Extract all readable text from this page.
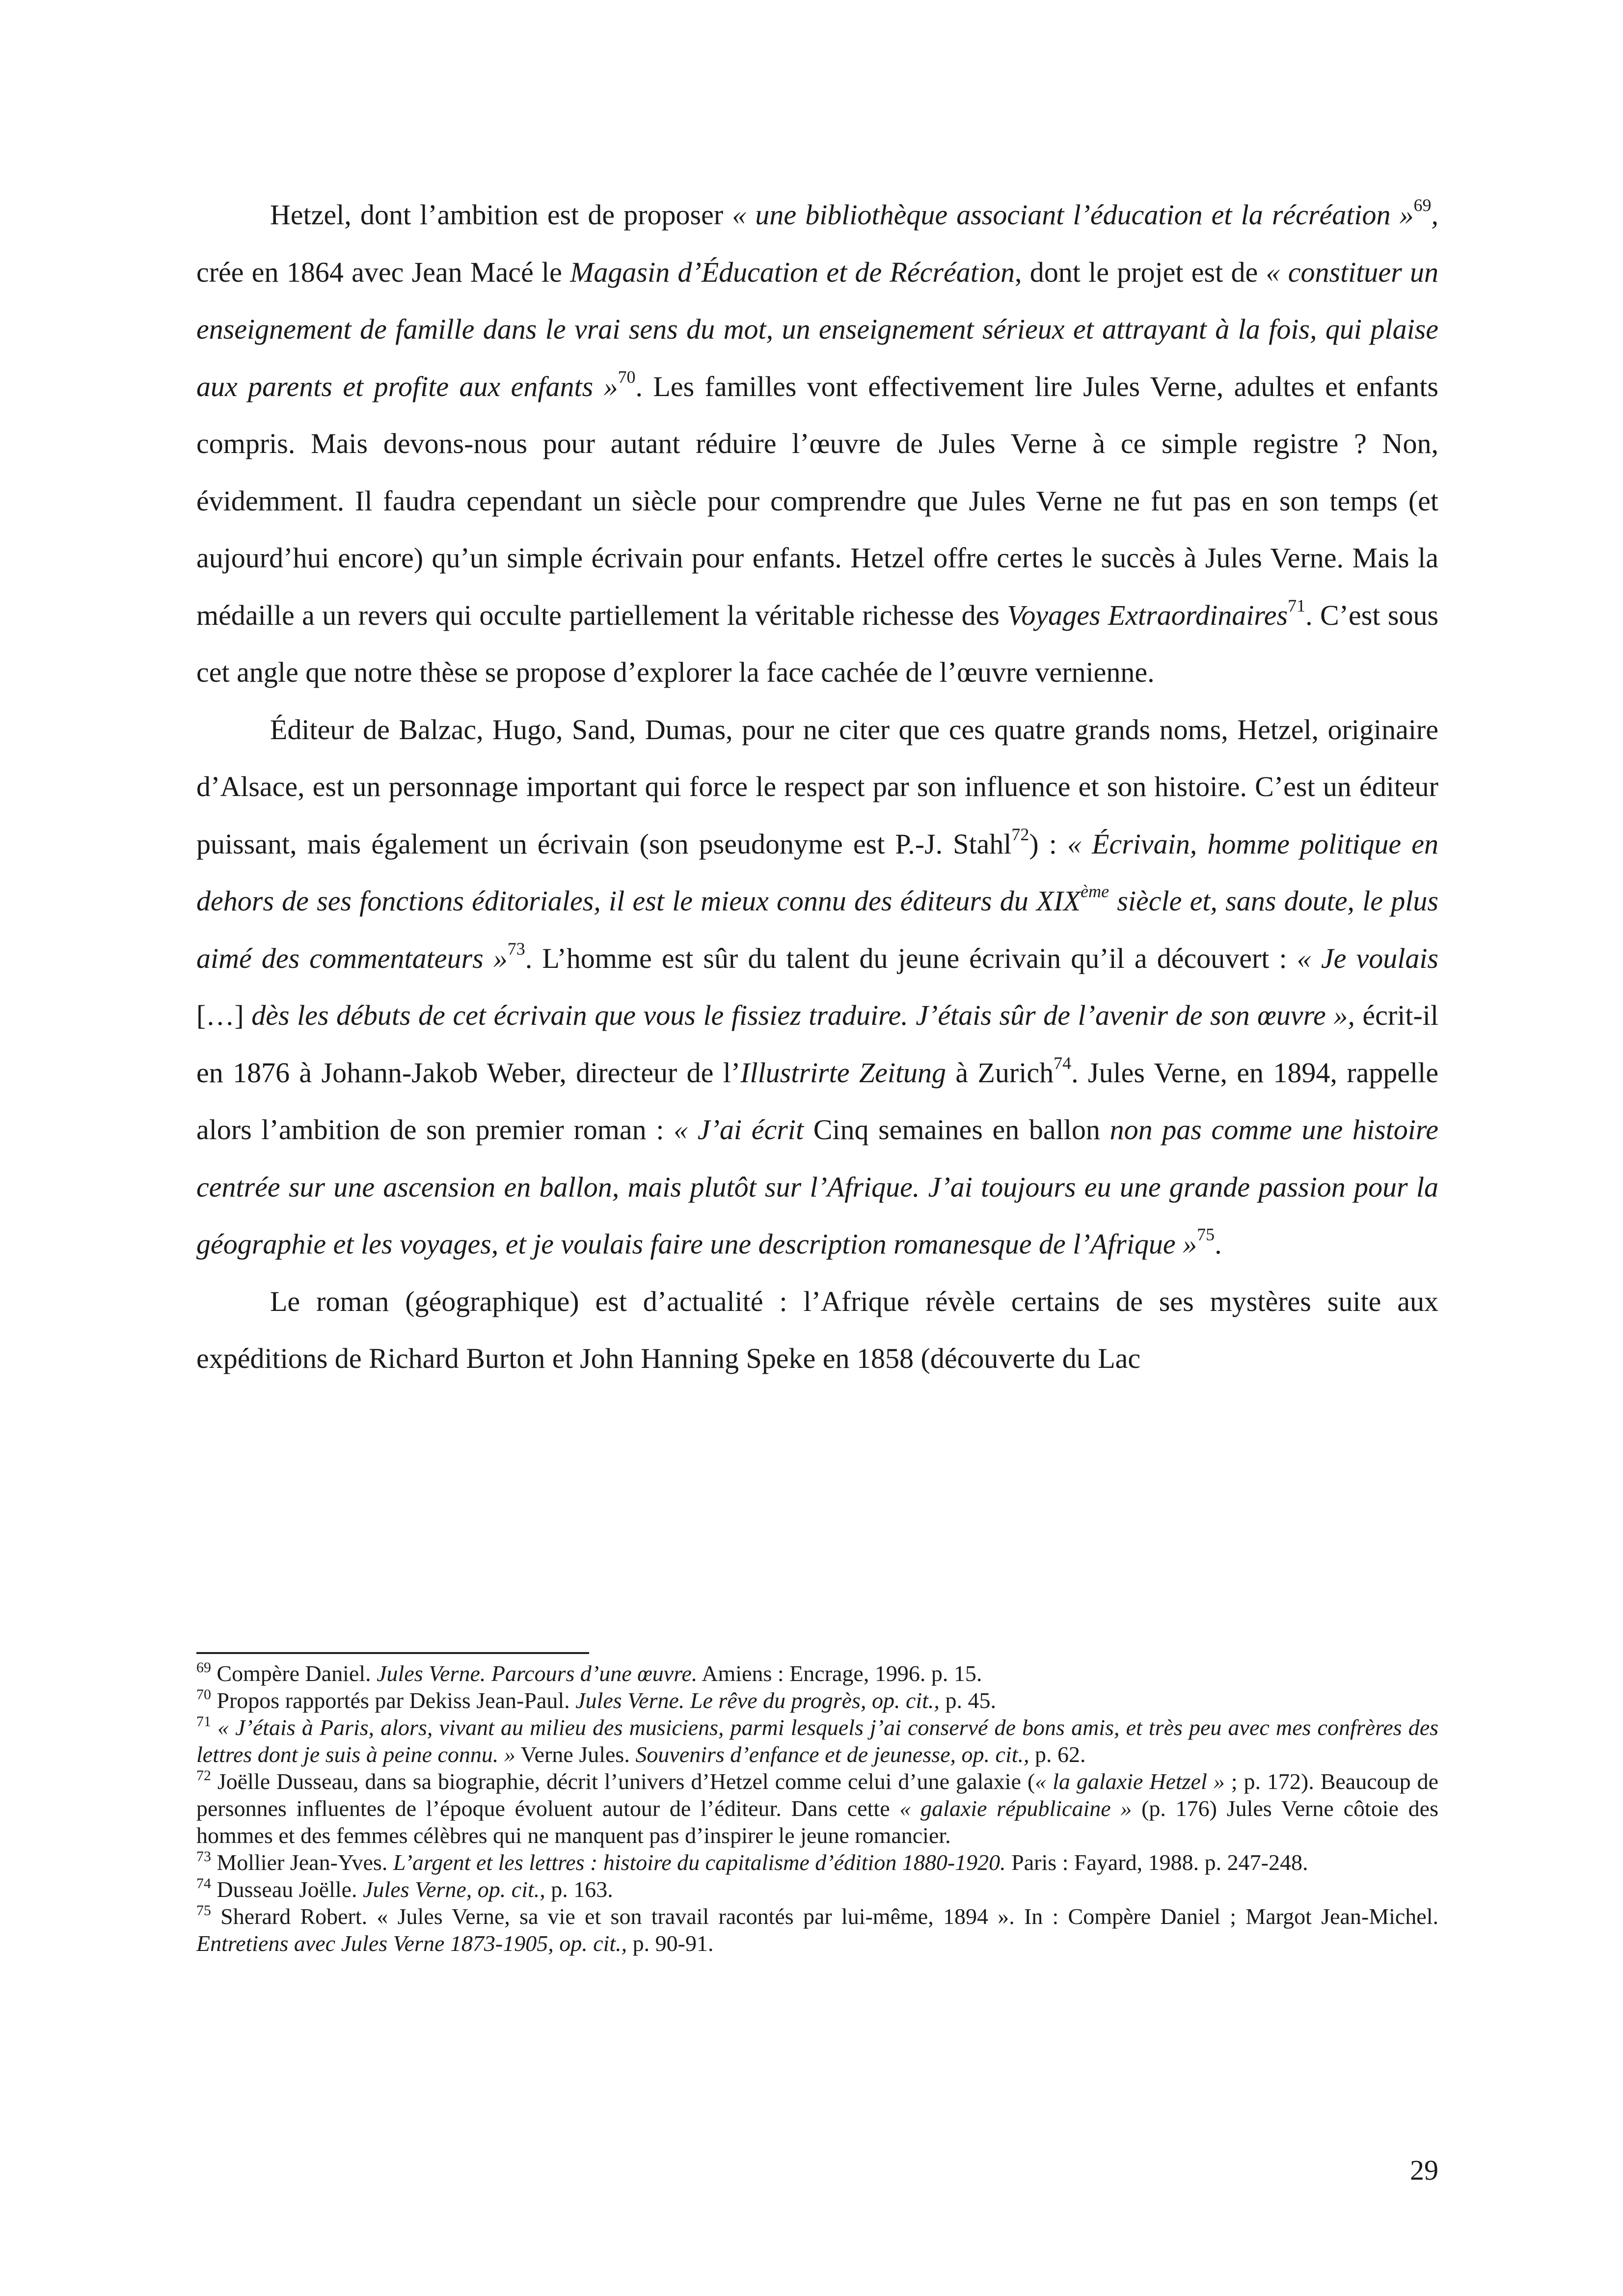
Hetzel, dont l’ambition est de proposer « une bibliothèque associant l’éducation et la récréation »$^{69}$, crée en 1864 avec Jean Macé le Magasin d’Éducation et de Récréation, dont le projet est de « constituer un enseignement de famille dans le vrai sens du mot, un enseignement sérieux et attrayant à la fois, qui plaise aux parents et profite aux enfants »$^{70}$. Les familles vont effectivement lire Jules Verne, adultes et enfants compris. Mais devons-nous pour autant réduire l’œuvre de Jules Verne à ce simple registre ? Non, évidemment. Il faudra cependant un siècle pour comprendre que Jules Verne ne fut pas en son temps (et aujourd’hui encore) qu’un simple écrivain pour enfants. Hetzel offre certes le succès à Jules Verne. Mais la médaille a un revers qui occulte partiellement la véritable richesse des Voyages Extraordinaires$^{71}$. C’est sous cet angle que notre thèse se propose d’explorer la face cachée de l’œuvre vernienne.

Éditeur de Balzac, Hugo, Sand, Dumas, pour ne citer que ces quatre grands noms, Hetzel, originaire d’Alsace, est un personnage important qui force le respect par son influence et son histoire. C’est un éditeur puissant, mais également un écrivain (son pseudonyme est P.-J. Stahl$^{72}$) : « Écrivain, homme politique en dehors de ses fonctions éditoriales, il est le mieux connu des éditeurs du XIXème siècle et, sans doute, le plus aimé des commentateurs »$^{73}$. L’homme est sûr du talent du jeune écrivain qu’il a découvert : « Je voulais […] dès les débuts de cet écrivain que vous le fissiez traduire. J’étais sûr de l’avenir de son œuvre », écrit-il en 1876 à Johann-Jakob Weber, directeur de l’Illustrirte Zeitung à Zurich$^{74}$. Jules Verne, en 1894, rappelle alors l’ambition de son premier roman : « J’ai écrit Cinq semaines en ballon non pas comme une histoire centrée sur une ascension en ballon, mais plutôt sur l’Afrique. J’ai toujours eu une grande passion pour la géographie et les voyages, et je voulais faire une description romanesque de l’Afrique »$^{75}$.

Le roman (géographique) est d’actualité : l’Afrique révèle certains de ses mystères suite aux expéditions de Richard Burton et John Hanning Speke en 1858 (découverte du Lac

$^{69}$ Compère Daniel. Jules Verne. Parcours d’une œuvre. Amiens : Encrage, 1996. p. 15.

$^{70}$ Propos rapportés par Dekiss Jean-Paul. Jules Verne. Le rêve du progrès, op. cit., p. 45.

$^{71}$ « J’étais à Paris, alors, vivant au milieu des musiciens, parmi lesquels j’ai conservé de bons amis, et très peu avec mes confrères des lettres dont je suis à peine connu. » Verne Jules. Souvenirs d’enfance et de jeunesse, op. cit., p. 62.

$^{72}$ Joëlle Dusseau, dans sa biographie, décrit l’univers d’Hetzel comme celui d’une galaxie (« la galaxie Hetzel » ; p. 172). Beaucoup de personnes influentes de l’époque évoluent autour de l’éditeur. Dans cette « galaxie républicaine » (p. 176) Jules Verne côtoie des hommes et des femmes célèbres qui ne manquent pas d’inspirer le jeune romancier.

$^{73}$ Mollier Jean-Yves. L’argent et les lettres : histoire du capitalisme d’édition 1880-1920. Paris : Fayard, 1988. p. 247-248.

$^{74}$ Dusseau Joëlle. Jules Verne, op. cit., p. 163.

$^{75}$ Sherard Robert. « Jules Verne, sa vie et son travail racontés par lui-même, 1894 ». In : Compère Daniel ; Margot Jean-Michel. Entretiens avec Jules Verne 1873-1905, op. cit., p. 90-91.

29
